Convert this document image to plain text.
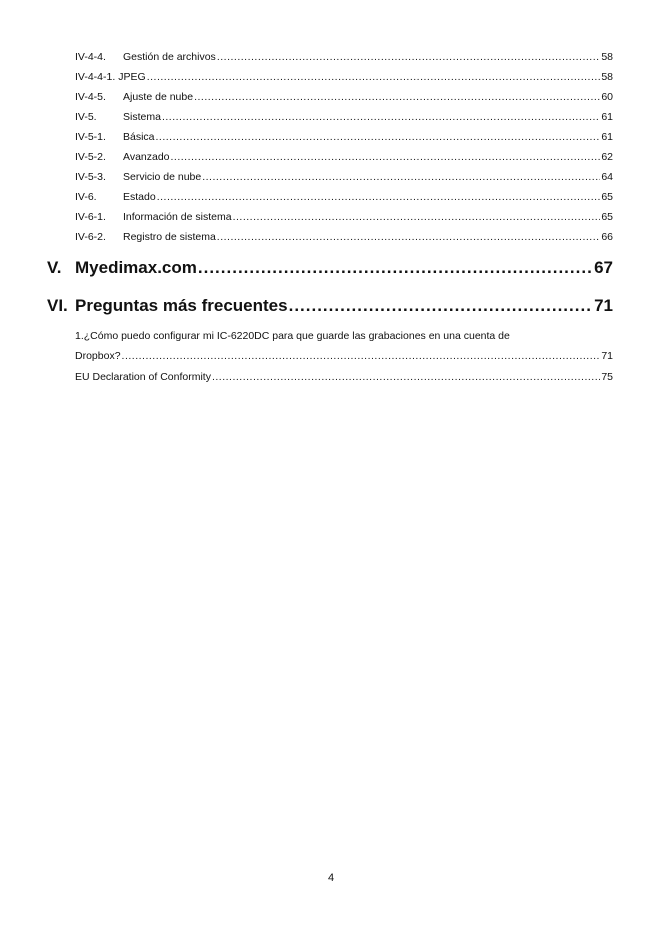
IV-4-4.	Gestión de archivos .....	58
IV-4-4-1. JPEG .....	58
IV-4-5.	Ajuste de nube .....	60
IV-5.	Sistema .....	61
IV-5-1.	Básica .....	61
IV-5-2.	Avanzado .....	62
IV-5-3.	Servicio de nube .....	64
IV-6.	Estado .....	65
IV-6-1.	Información de sistema .....	65
IV-6-2.	Registro de sistema .....	66
V. Myedimax.com .....	67
VI. Preguntas más frecuentes .....	71
1.¿Cómo puedo configurar mi IC-6220DC para que guarde las grabaciones en una cuenta de
Dropbox? .....	71
EU Declaration of Conformity .....	75
4
